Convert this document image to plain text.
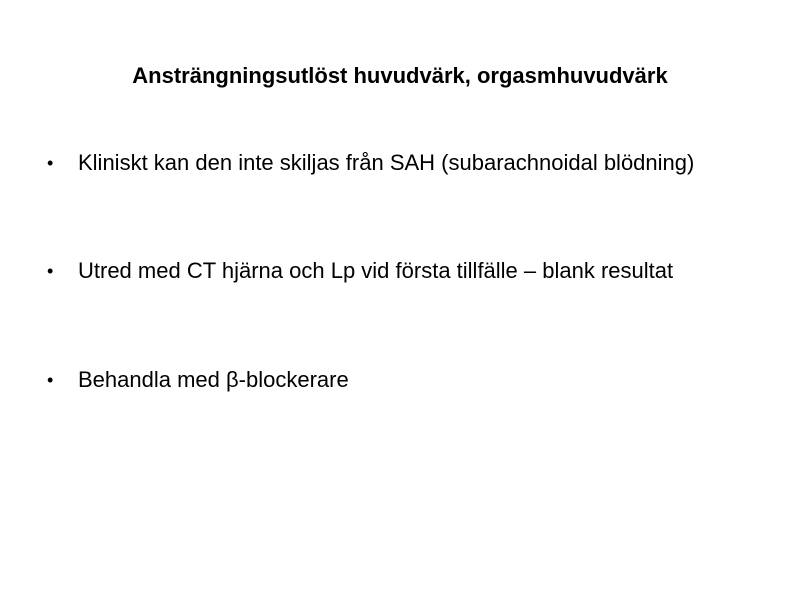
Ansträngningsutlöst huvudvärk, orgasmhuvudvärk
• Kliniskt kan den inte skiljas från SAH (subarachnoidal blödning)
• Utred med CT hjärna och Lp vid första tillfälle – blank resultat
• Behandla med β-blockerare
